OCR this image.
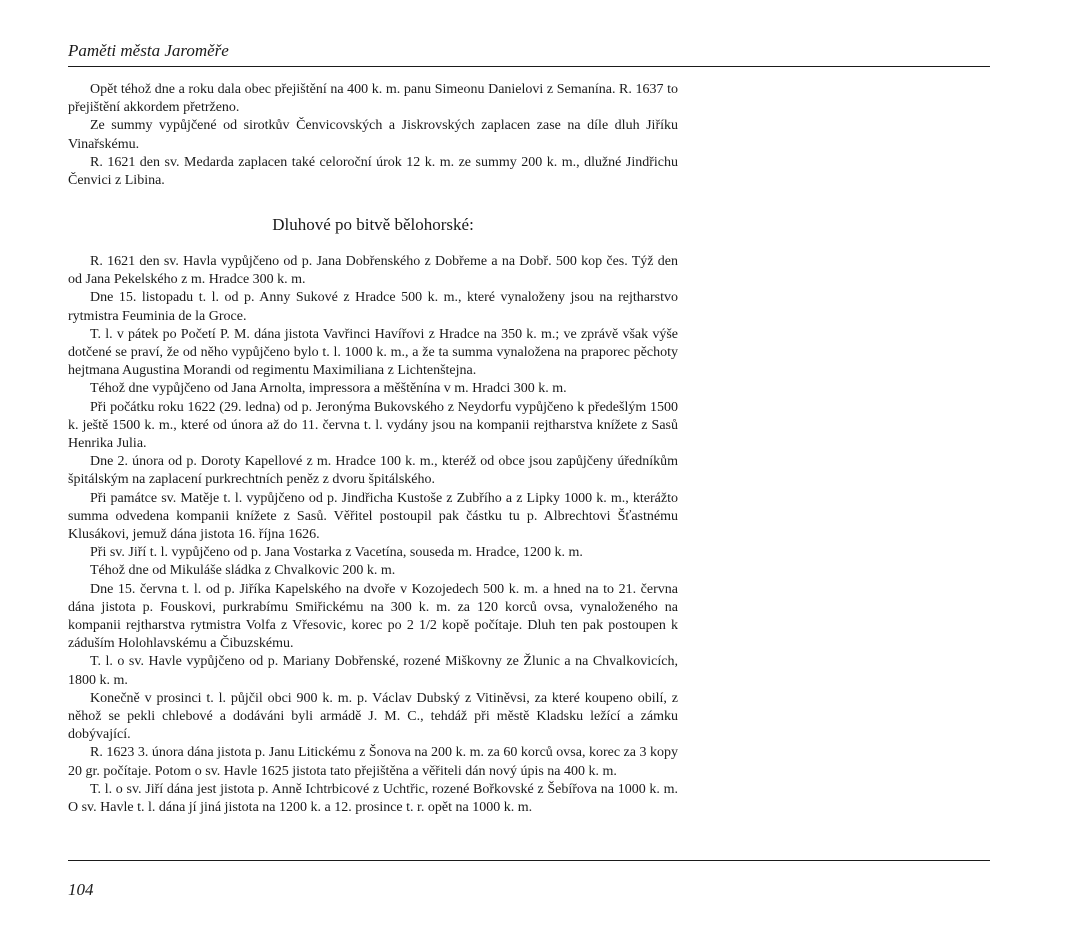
Paměti města Jaroměře

Opět téhož dne a roku dala obec přejištění na 400 k. m. panu Simeonu Danielovi z Semanína. R. 1637 to přejištění akkordem přetrženo.

Ze summy vypůjčené od sirotkův Čenvicovských a Jiskrovských zaplacen zase na díle dluh Jiříku Vinařskému.

R. 1621 den sv. Medarda zaplacen také celoroční úrok 12 k. m. ze summy 200 k. m., dlužné Jindřichu Čenvici z Libina.

Dluhové po bitvě bělohorské:

R. 1621 den sv. Havla vypůjčeno od p. Jana Dobřenského z Dobřeme a na Dobř. 500 kop čes. Týž den od Jana Pekelského z m. Hradce 300 k. m.

Dne 15. listopadu t. l. od p. Anny Sukové z Hradce 500 k. m., které vynaloženy jsou na rejtharstvo rytmistra Feuminia de la Groce.

T. l. v pátek po Početí P. M. dána jistota Vavřinci Havířovi z Hradce na 350 k. m.; ve zprávě však výše dotčené se praví, že od něho vypůjčeno bylo t. l. 1000 k. m., a že ta summa vynaložena na praporec pěchoty hejtmana Augustina Morandi od regimentu Maximiliana z Lichtenštejna.

Téhož dne vypůjčeno od Jana Arnolta, impressora a měštěnína v m. Hradci 300 k. m.

Při počátku roku 1622 (29. ledna) od p. Jeronýma Bukovského z Neydorfu vypůjčeno k předešlým 1500 k. ještě 1500 k. m., které od února až do 11. června t. l. vydány jsou na kompanii rejtharstva knížete z Sasů Henrika Julia.

Dne 2. února od p. Doroty Kapellové z m. Hradce 100 k. m., kteréž od obce jsou zapůjčeny úředníkům špitálským na zaplacení purkrechtních peněz z dvoru špitálského.

Při památce sv. Matěje t. l. vypůjčeno od p. Jindřicha Kustoše z Zubřího a z Lipky 1000 k. m., kterážto summa odvedena kompanii knížete z Sasů. Věřitel postoupil pak částku tu p. Albrechtovi Šťastnému Klusákovi, jemuž dána jistota 16. října 1626.

Při sv. Jiří t. l. vypůjčeno od p. Jana Vostarka z Vacetína, souseda m. Hradce, 1200 k. m.

Téhož dne od Mikuláše sládka z Chvalkovic 200 k. m.

Dne 15. června t. l. od p. Jiříka Kapelského na dvoře v Kozojedech 500 k. m. a hned na to 21. června dána jistota p. Fouskovi, purkrabímu Smiřickému na 300 k. m. za 120 korců ovsa, vynaloženého na kompanii rejtharstva rytmistra Volfa z Vřesovic, korec po 2 1/2 kopě počítaje. Dluh ten pak postoupen k záduším Holohlavskému a Čibuzskému.

T. l. o sv. Havle vypůjčeno od p. Mariany Dobřenské, rozené Miškovny ze Žlunic a na Chvalkovicích, 1800 k. m.

Konečně v prosinci t. l. půjčil obci 900 k. m. p. Václav Dubský z Vitiněvsi, za které koupeno obilí, z něhož se pekli chlebové a dodáváni byli armádě J. M. C., tehdáž při městě Kladsku ležící a zámku dobývající.

R. 1623 3. února dána jistota p. Janu Litickému z Šonova na 200 k. m. za 60 korců ovsa, korec za 3 kopy 20 gr. počítaje. Potom o sv. Havle 1625 jistota tato přejištěna a věřiteli dán nový úpis na 400 k. m.

T. l. o sv. Jiří dána jest jistota p. Anně Ichtrbicové z Uchtřic, rozené Bořkovské z Šebířova na 1000 k. m. O sv. Havle t. l. dána jí jiná jistota na 1200 k. a 12. prosince t. r. opět na 1000 k. m.

104
